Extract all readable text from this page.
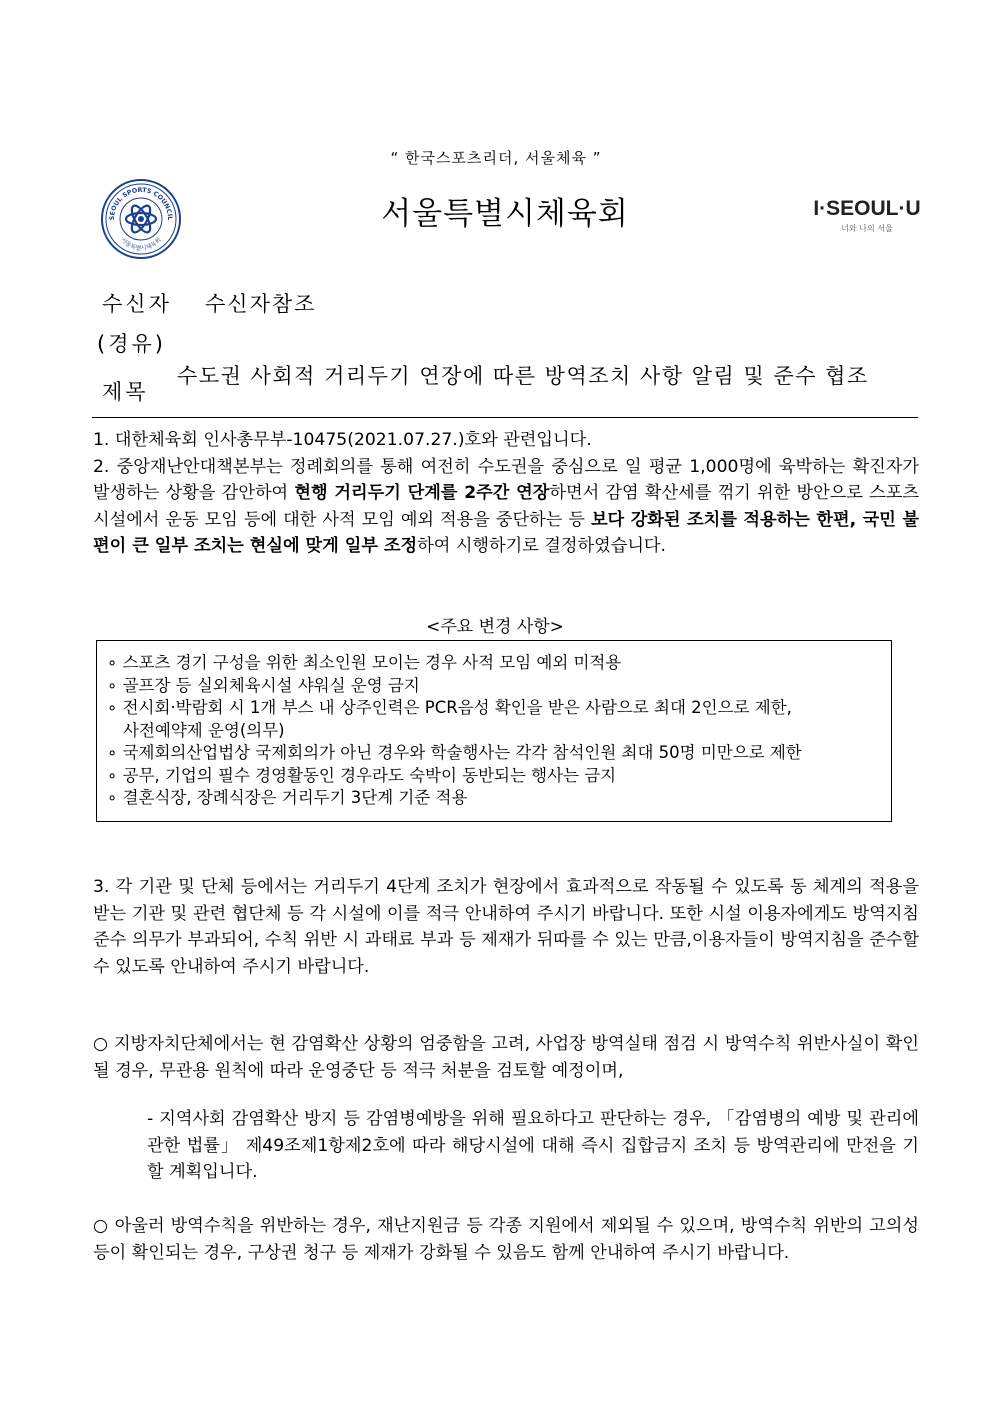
“ 한국스포츠리더, 서울체육 ”
SEOUL SPORTS COUNCIL
서울특별시체육회
서울특별시체육회	I·SEOUL·U
너와 나의 서울
수신자 수신자참조
(경유)
제목
수도권 사회적 거리두기 연장에 따른 방역조치 사항 알림 및 준수 협조

1. 대한체육회 인사총무부-10475(2021.07.27.)호와 관련입니다.

2. 중앙재난안대책본부는 정례회의를 통해 여전히 수도권을 중심으로 일 평균 1,000명에 육박하는 확진자가 발생하는 상황을 감안하여 현행 거리두기 단계를 2주간 연장하면서 감염 확산세를 꺾기 위한 방안으로 스포츠 시설에서 운동 모임 등에 대한 사적 모임 예외 적용을 중단하는 등 보다 강화된 조치를 적용하는 한편, 국민 불편이 큰 일부 조치는 현실에 맞게 일부 조정하여 시행하기로 결정하였습니다.

<주요 변경 사항>
∘ 스포츠 경기 구성을 위한 최소인원 모이는 경우 사적 모임 예외 미적용
∘ 골프장 등 실외체육시설 샤워실 운영 금지
∘ 전시회·박람회 시 1개 부스 내 상주인력은 PCR음성 확인을 받은 사람으로 최대 2인으로 제한,
사전예약제 운영(의무)
∘ 국제회의산업법상 국제회의가 아닌 경우와 학술행사는 각각 참석인원 최대 50명 미만으로 제한
∘ 공무, 기업의 필수 경영활동인 경우라도 숙박이 동반되는 행사는 금지
∘ 결혼식장, 장례식장은 거리두기 3단계 기준 적용
3. 각 기관 및 단체 등에서는 거리두기 4단계 조치가 현장에서 효과적으로 작동될 수 있도록 동 체계의 적용을 받는 기관 및 관련 협단체 등 각 시설에 이를 적극 안내하여 주시기 바랍니다. 또한 시설 이용자에게도 방역지침 준수 의무가 부과되어, 수칙 위반 시 과태료 부과 등 제재가 뒤따를 수 있는 만큼,이용자들이 방역지침을 준수할 수 있도록 안내하여 주시기 바랍니다.
○ 지방자치단체에서는 현 감염확산 상황의 엄중함을 고려, 사업장 방역실태 점검 시 방역수칙 위반사실이 확인될 경우, 무관용 원칙에 따라 운영중단 등 적극 처분을 검토할 예정이며,
- 지역사회 감염확산 방지 등 감염병예방을 위해 필요하다고 판단하는 경우, 「감염병의 예방 및 관리에 관한 법률」 제49조제1항제2호에 따라 해당시설에 대해 즉시 집합금지 조치 등 방역관리에 만전을 기할 계획입니다.
○ 아울러 방역수칙을 위반하는 경우, 재난지원금 등 각종 지원에서 제외될 수 있으며, 방역수칙 위반의 고의성 등이 확인되는 경우, 구상권 청구 등 제재가 강화될 수 있음도 함께 안내하여 주시기 바랍니다.
